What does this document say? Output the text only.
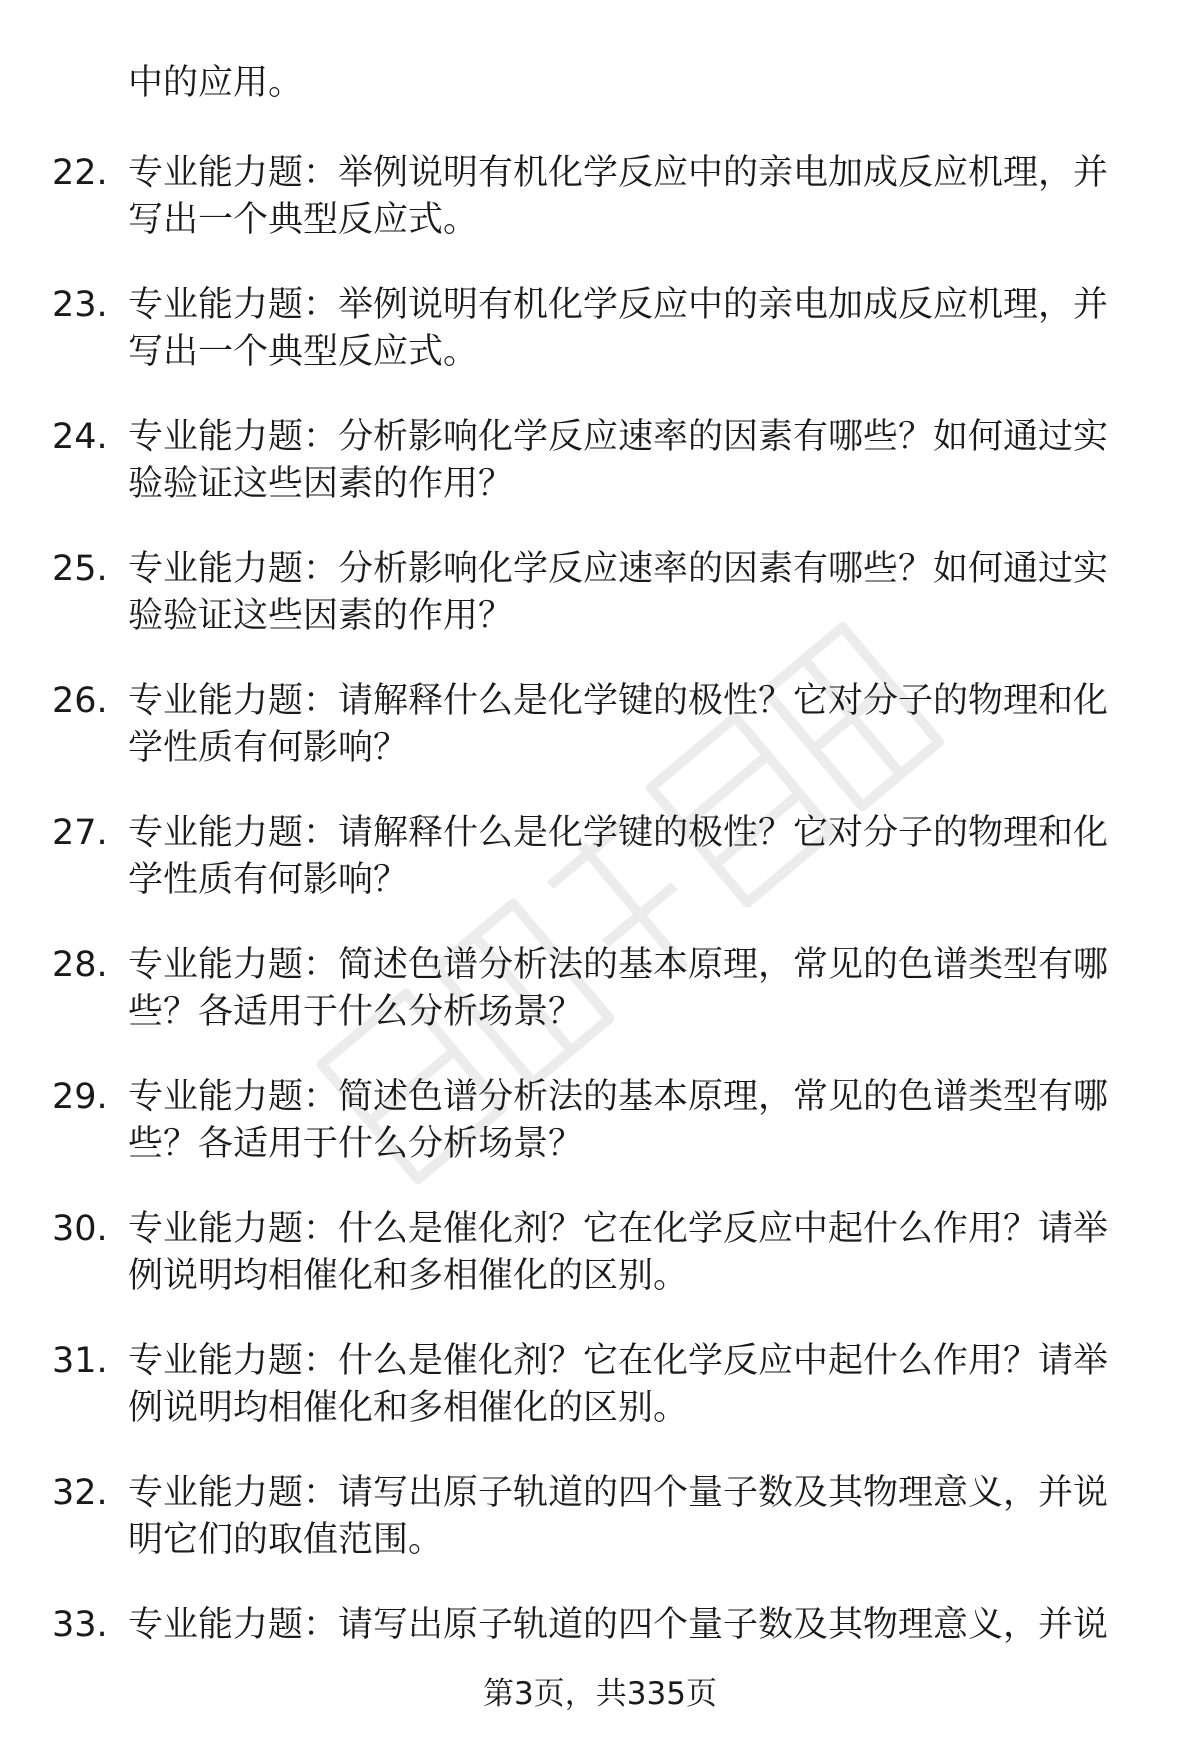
中的应用。
22. 专业能力题：举例说明有机化学反应中的亲电加成反应机理，并
写出一个典型反应式。
23. 专业能力题：举例说明有机化学反应中的亲电加成反应机理，并
写出一个典型反应式。
24. 专业能力题：分析影响化学反应速率的因素有哪些？如何通过实
验验证这些因素的作用？
25. 专业能力题：分析影响化学反应速率的因素有哪些？如何通过实
验验证这些因素的作用？
26. 专业能力题：请解释什么是化学键的极性？它对分子的物理和化
学性质有何影响？
27. 专业能力题：请解释什么是化学键的极性？它对分子的物理和化
学性质有何影响？
28. 专业能力题：简述色谱分析法的基本原理，常见的色谱类型有哪
些？各适用于什么分析场景？
29. 专业能力题：简述色谱分析法的基本原理，常见的色谱类型有哪
些？各适用于什么分析场景？
30. 专业能力题：什么是催化剂？它在化学反应中起什么作用？请举
例说明均相催化和多相催化的区别。
31. 专业能力题：什么是催化剂？它在化学反应中起什么作用？请举
例说明均相催化和多相催化的区别。
32. 专业能力题：请写出原子轨道的四个量子数及其物理意义，并说
明它们的取值范围。
33. 专业能力题：请写出原子轨道的四个量子数及其物理意义，并说
第3页，共335页
